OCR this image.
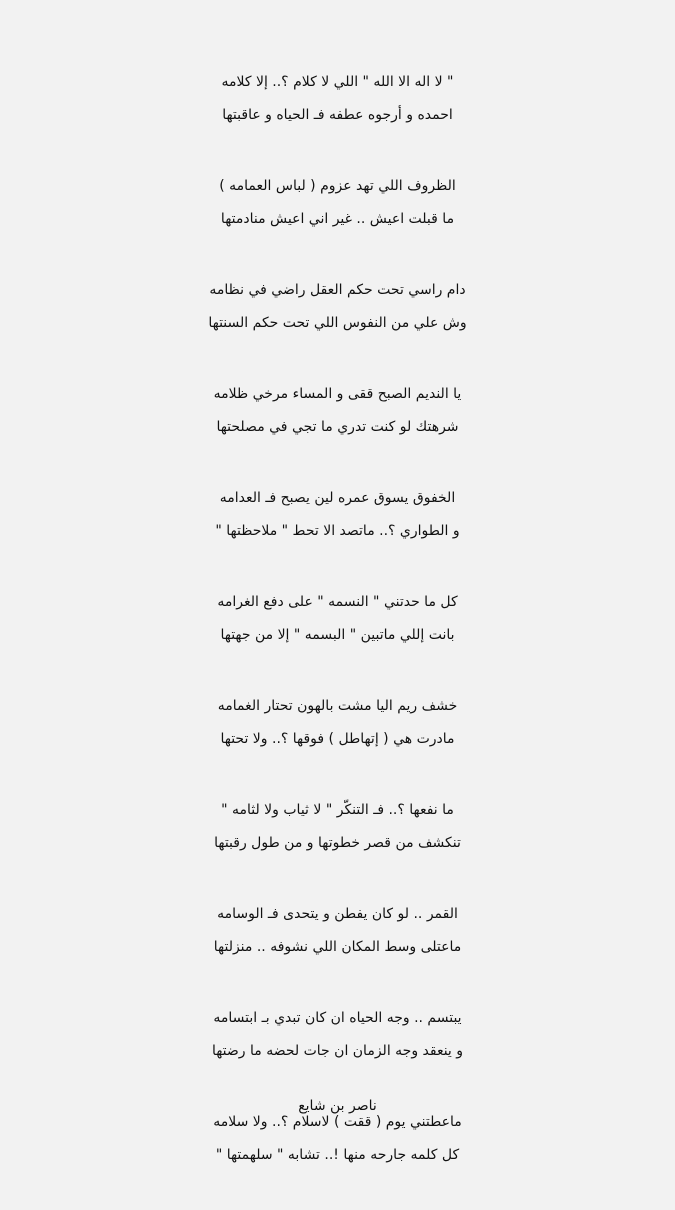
" لا اله الا الله " اللي لا كلام ؟.. إلا كلامه
احمده و أرجوه عطفه فـ الحياه و عاقبتها
الظروف اللي تهد عزوم ( لباس العمامه )
ما قبلت اعيش .. غير اني اعيش منادمتها
دام راسي تحت حكم العقل راضي في نظامه
وش علي من النفوس اللي تحت حكم السنتها
يا النديم الصبح ققى و المساء مرخي ظلامه
شرهتك لو كنت تدري ما تجي في مصلحتها
الخفوق يسوق عمره لين يصبح فـ العدامه
و الطواري ؟.. ماتصد الا تحط " ملاحظتها "
كل ما حدتني " النسمه " على دفع الغرامه
بانت إللي ماتبين " البسمه " إلا من جهتها
خشف ريم اليا مشت بالهون تحتار الغمامه
مادرت هي ( إتهاطل ) فوقها ؟.. ولا تحتها
ما نفعها ؟.. فـ التنكّر " لا ثياب ولا لثامه "
تنكشف من قصر خطوتها و من طول رقبتها
القمر .. لو كان يفطن و يتحدى فـ الوسامه
ماعتلى وسط المكان اللي نشوفه .. منزلتها
يبتسم .. وجه الحياه ان كان تبدي بـ ابتسامه
و ينعقد وجه الزمان ان جات لحضه ما رضتها
ماعطتني يوم ( ققت ) لاسلام ؟.. ولا سلامه
كل كلمه جارحه منها !.. تشابه " سلهمتها "
ناصر بن شايع
